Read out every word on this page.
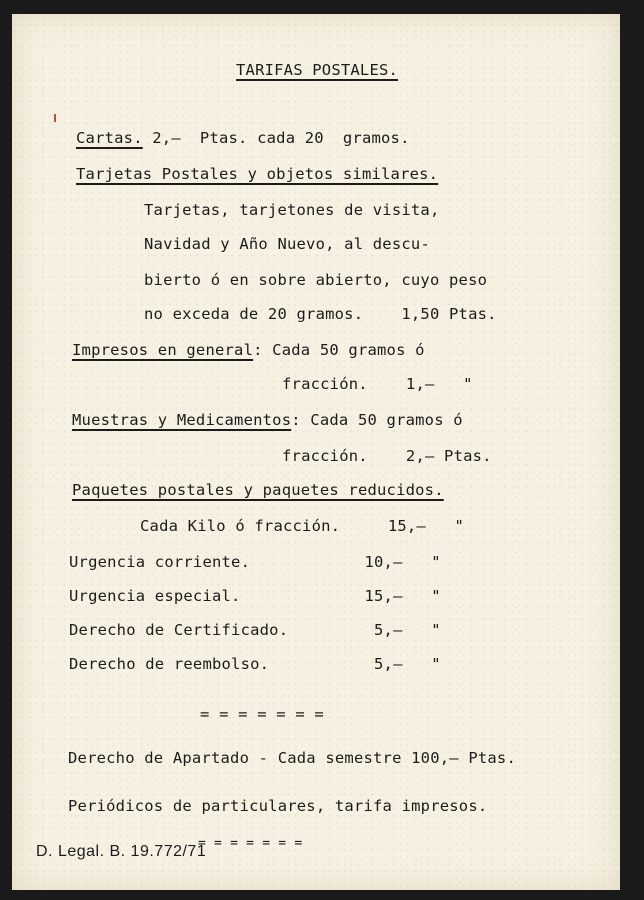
TARIFAS POSTALES.
Cartas. 2,—  Ptas. cada 20  gramos.
Tarjetas Postales y objetos similares.
Tarjetas, tarjetones de visita,
Navidad y Año Nuevo, al descu-
bierto ó en sobre abierto, cuyo peso
no exceda de 20 gramos.    1,50 Ptas.
Impresos en general: Cada 50 gramos ó
fracción.    1,—   "
Muestras y Medicamentos: Cada 50 gramos ó
fracción.    2,— Ptas.
Paquetes postales y paquetes reducidos.
Cada Kilo ó fracción.     15,—   "
Urgencia corriente.            10,—   "
Urgencia especial.             15,—   "
Derecho de Certificado.         5,—   "
Derecho de reembolso.           5,—   "
= = = = = = =
Derecho de Apartado - Cada semestre 100,— Ptas.
Periódicos de particulares, tarifa impresos.
= = = = = = =
D. Legal. B. 19.772/71
